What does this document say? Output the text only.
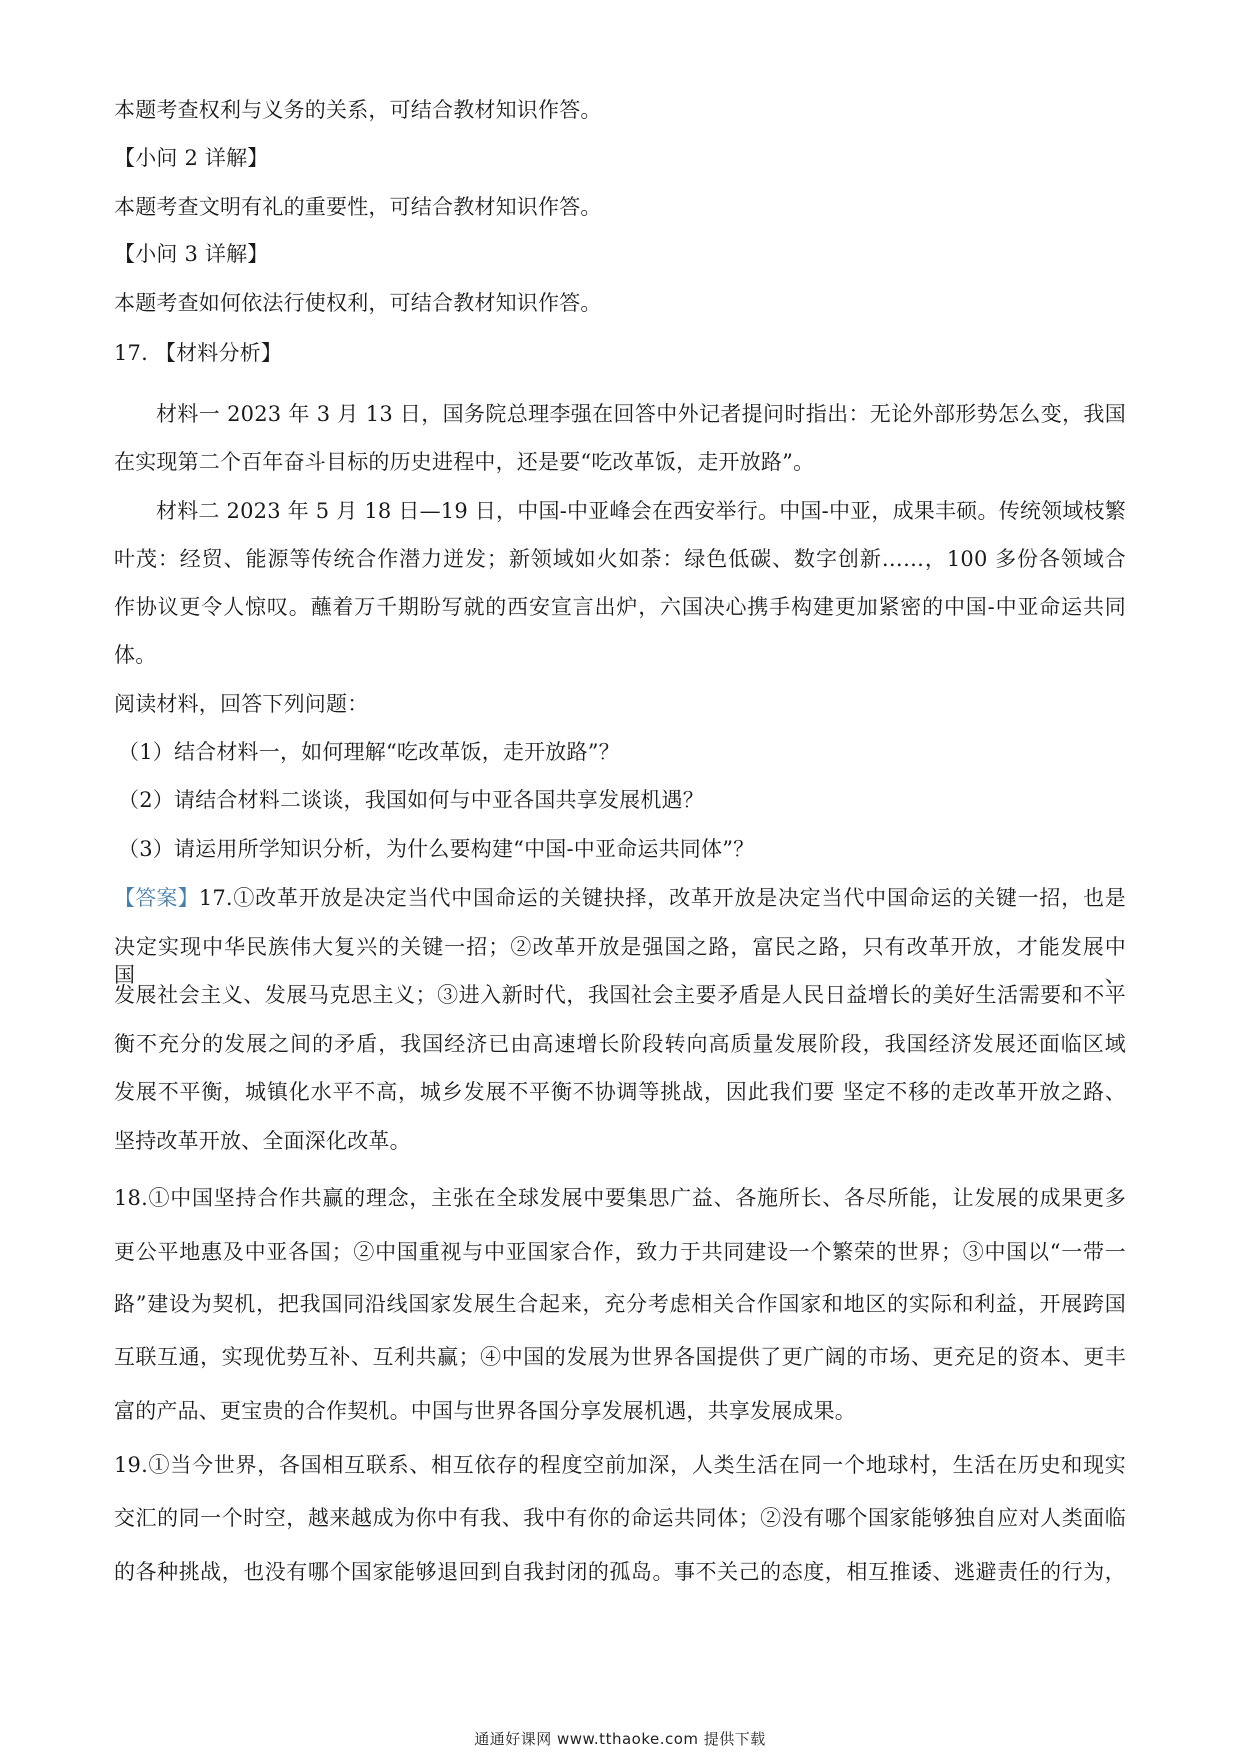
本题考查权利与义务的关系，可结合教材知识作答。
【小问 2 详解】
本题考查文明有礼的重要性，可结合教材知识作答。
【小问 3 详解】
本题考查如何依法行使权利，可结合教材知识作答。
17. 【材料分析】
材料一 2023 年 3 月 13 日，国务院总理李强在回答中外记者提问时指出：无论外部形势怎么变，我国
在实现第二个百年奋斗目标的历史进程中，还是要“吃改革饭，走开放路”。
材料二 2023 年 5 月 18 日—19 日，中国-中亚峰会在西安举行。中国-中亚，成果丰硕。传统领域枝繁
叶茂：经贸、能源等传统合作潜力迸发；新领域如火如荼：绿色低碳、数字创新……，100 多份各领域合
作协议更令人惊叹。蘸着万千期盼写就的西安宣言出炉，六国决心携手构建更加紧密的中国-中亚命运共同
体。
阅读材料，回答下列问题：
（1）结合材料一，如何理解“吃改革饭，走开放路”？
（2）请结合材料二谈谈，我国如何与中亚各国共享发展机遇？
（3）请运用所学知识分析，为什么要构建“中国-中亚命运共同体”？
【答案】 17.①改革开放是决定当代中国命运的关键抉择，改革开放是决定当代中国命运的关键一招，也是
决定实现中华民族伟大复兴的关键一招；②改革开放是强国之路，富民之路，只有改革开放，才能发展中国、
发展社会主义、发展马克思主义；③进入新时代，我国社会主要矛盾是人民日益增长的美好生活需要和不平
衡不充分的发展之间的矛盾，我国经济已由高速增长阶段转向高质量发展阶段，我国经济发展还面临区域
发展不平衡，城镇化水平不高，城乡发展不平衡不协调等挑战，因此我们要 坚定不移的走改革开放之路、
坚持改革开放、全面深化改革。
18.①中国坚持合作共赢的理念，主张在全球发展中要集思广益、各施所长、各尽所能，让发展的成果更多
更公平地惠及中亚各国；②中国重视与中亚国家合作，致力于共同建设一个繁荣的世界；③中国以“一带一
路”建设为契机，把我国同沿线国家发展生合起来，充分考虑相关合作国家和地区的实际和利益，开展跨国
互联互通，实现优势互补、互利共赢；④中国的发展为世界各国提供了更广阔的市场、更充足的资本、更丰
富的产品、更宝贵的合作契机。中国与世界各国分享发展机遇，共享发展成果。
19.①当今世界，各国相互联系、相互依存的程度空前加深，人类生活在同一个地球村，生活在历史和现实
交汇的同一个时空，越来越成为你中有我、我中有你的命运共同体；②没有哪个国家能够独自应对人类面临
的各种挑战，也没有哪个国家能够退回到自我封闭的孤岛。事不关己的态度，相互推诿、逃避责任的行为，
通通好课网 www.tthaoke.com 提供下载
